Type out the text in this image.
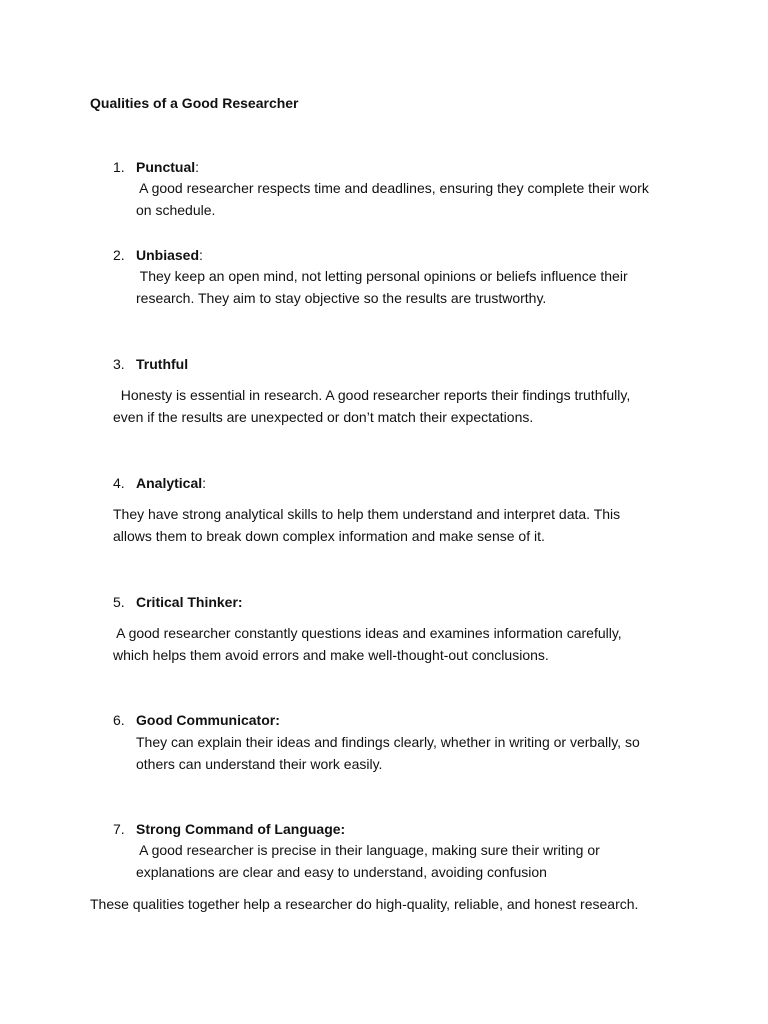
Qualities of a Good Researcher
1. Punctual:
A good researcher respects time and deadlines, ensuring they complete their work
on schedule.
2. Unbiased:
They keep an open mind, not letting personal opinions or beliefs influence their
research. They aim to stay objective so the results are trustworthy.
3. Truthful
Honesty is essential in research. A good researcher reports their findings truthfully,
even if the results are unexpected or don’t match their expectations.
4. Analytical:
They have strong analytical skills to help them understand and interpret data. This
allows them to break down complex information and make sense of it.
5. Critical Thinker:
A good researcher constantly questions ideas and examines information carefully,
which helps them avoid errors and make well-thought-out conclusions.
6. Good Communicator:
They can explain their ideas and findings clearly, whether in writing or verbally, so
others can understand their work easily.
7. Strong Command of Language:
A good researcher is precise in their language, making sure their writing or
explanations are clear and easy to understand, avoiding confusion
These qualities together help a researcher do high-quality, reliable, and honest research.
